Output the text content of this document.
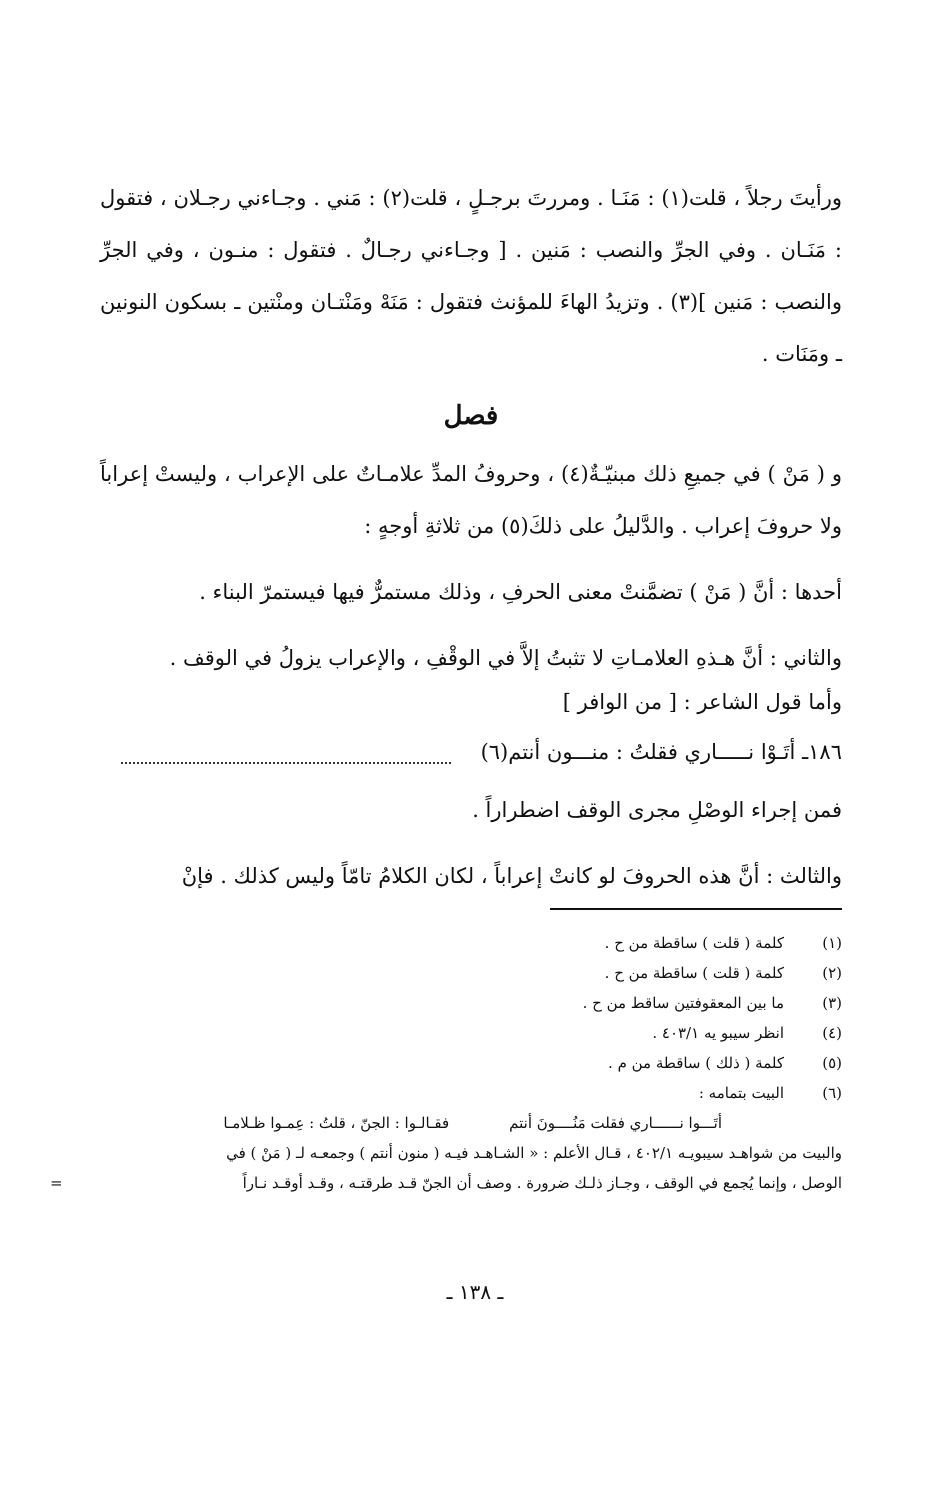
ورأيتَ رجلاً ، قلت(١) : مَنَـا . ومررتَ برجـلٍ ، قلت(٢) : مَني . وجـاءني رجـلان ، فتقول : مَنَـان . وفي الجرِّ والنصب : مَنين . [ وجـاءني رجـالٌ . فتقول : منـون ، وفي الجرِّ والنصب : مَنين ](٣) . وتزيدُ الهاءَ للمؤنث فتقول : مَنَهْ ومَنْتـان ومنْتين ـ بسكون النونين ـ ومَنَات .

فصل

و ( مَنْ ) في جميعِ ذلك مبنيّـةٌ(٤) ، وحروفُ المدِّ علامـاتٌ على الإعراب ، وليستْ إعراباً ولا حروفَ إعراب . والدَّليلُ على ذلكَ(٥) من ثلاثةِ أوجهٍ :

أحدها : أنَّ ( مَنْ ) تضمَّنتْ معنى الحرفِ ، وذلك مستمرٌّ فيها فيستمرّ البناء .

والثاني : أنَّ هـذهِ العلامـاتِ لا تثبتُ إلاَّ في الوقْفِ ، والإعراب يزولُ في الوقف .

وأما قول الشاعر : [ من الوافر ]

١٨٦ـ أتَـوْا نـــــاري فقلتُ : منـــون أنتم(٦)

فمن إجراء الوصْلِ مجرى الوقف اضطراراً .

والثالث : أنَّ هذه الحروفَ لو كانتْ إعراباً ، لكان الكلامُ تامّاً وليس كذلك . فإنْ

(١)
كلمة ( قلت ) ساقطة من ح .
(٢)
كلمة ( قلت ) ساقطة من ح .
(٣)
ما بين المعقوفتين ساقط من ح .
(٤)
انظر سيبو يه ٤٠٣/١ .
(٥)
كلمة ( ذلك ) ساقطة من م .
(٦)
البيت بتمامه :
أتَـــوا نــــــاري فقلت مَنُــــونَ أنتم
فقـالـوا : الجنّ ، قلتُ : عِمـوا ظـلامـا
والبيت من شواهـد سيبويـه ٤٠٢/١ ، قـال الأعلم : « الشـاهـد فيـه ( منون أنتم ) وجمعـه لـ ( مَنْ ) في
الوصل ، وإنما يُجمع في الوقف ، وجـاز ذلـك ضرورة . وصف أن الجنّ قـد طرقتـه ، وقـد أوقـد نـاراً
=
ـ ١٣٨ ـ
